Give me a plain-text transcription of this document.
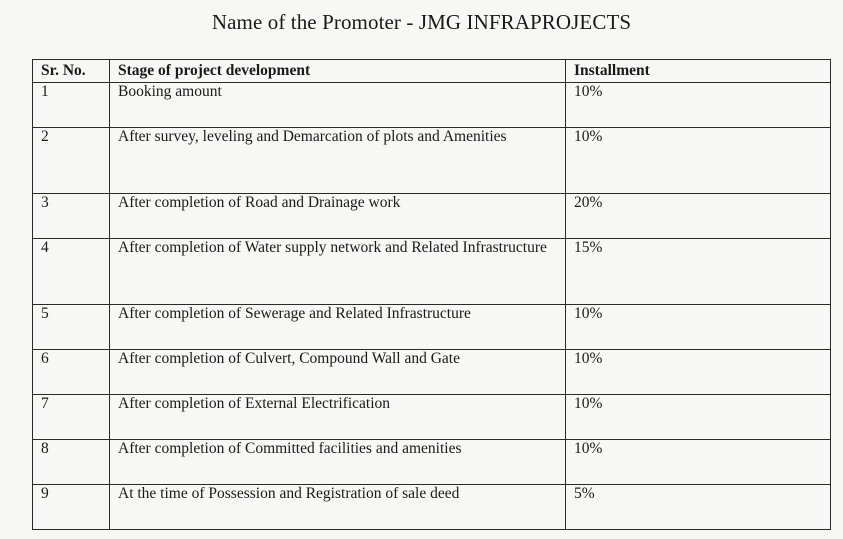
Name of the Promoter - JMG INFRAPROJECTS
Sr. No.	Stage of project development	Installment
1	Booking amount	10%
2	After survey, leveling and Demarcation of plots and Amenities	10%
3	After completion of Road and Drainage work	20%
4	After completion of Water supply network and Related Infrastructure	15%
5	After completion of Sewerage and Related Infrastructure	10%
6	After completion of Culvert, Compound Wall and Gate	10%
7	After completion of External Electrification	10%
8	After completion of Committed facilities and amenities	10%
9	At the time of Possession and Registration of sale deed	5%
